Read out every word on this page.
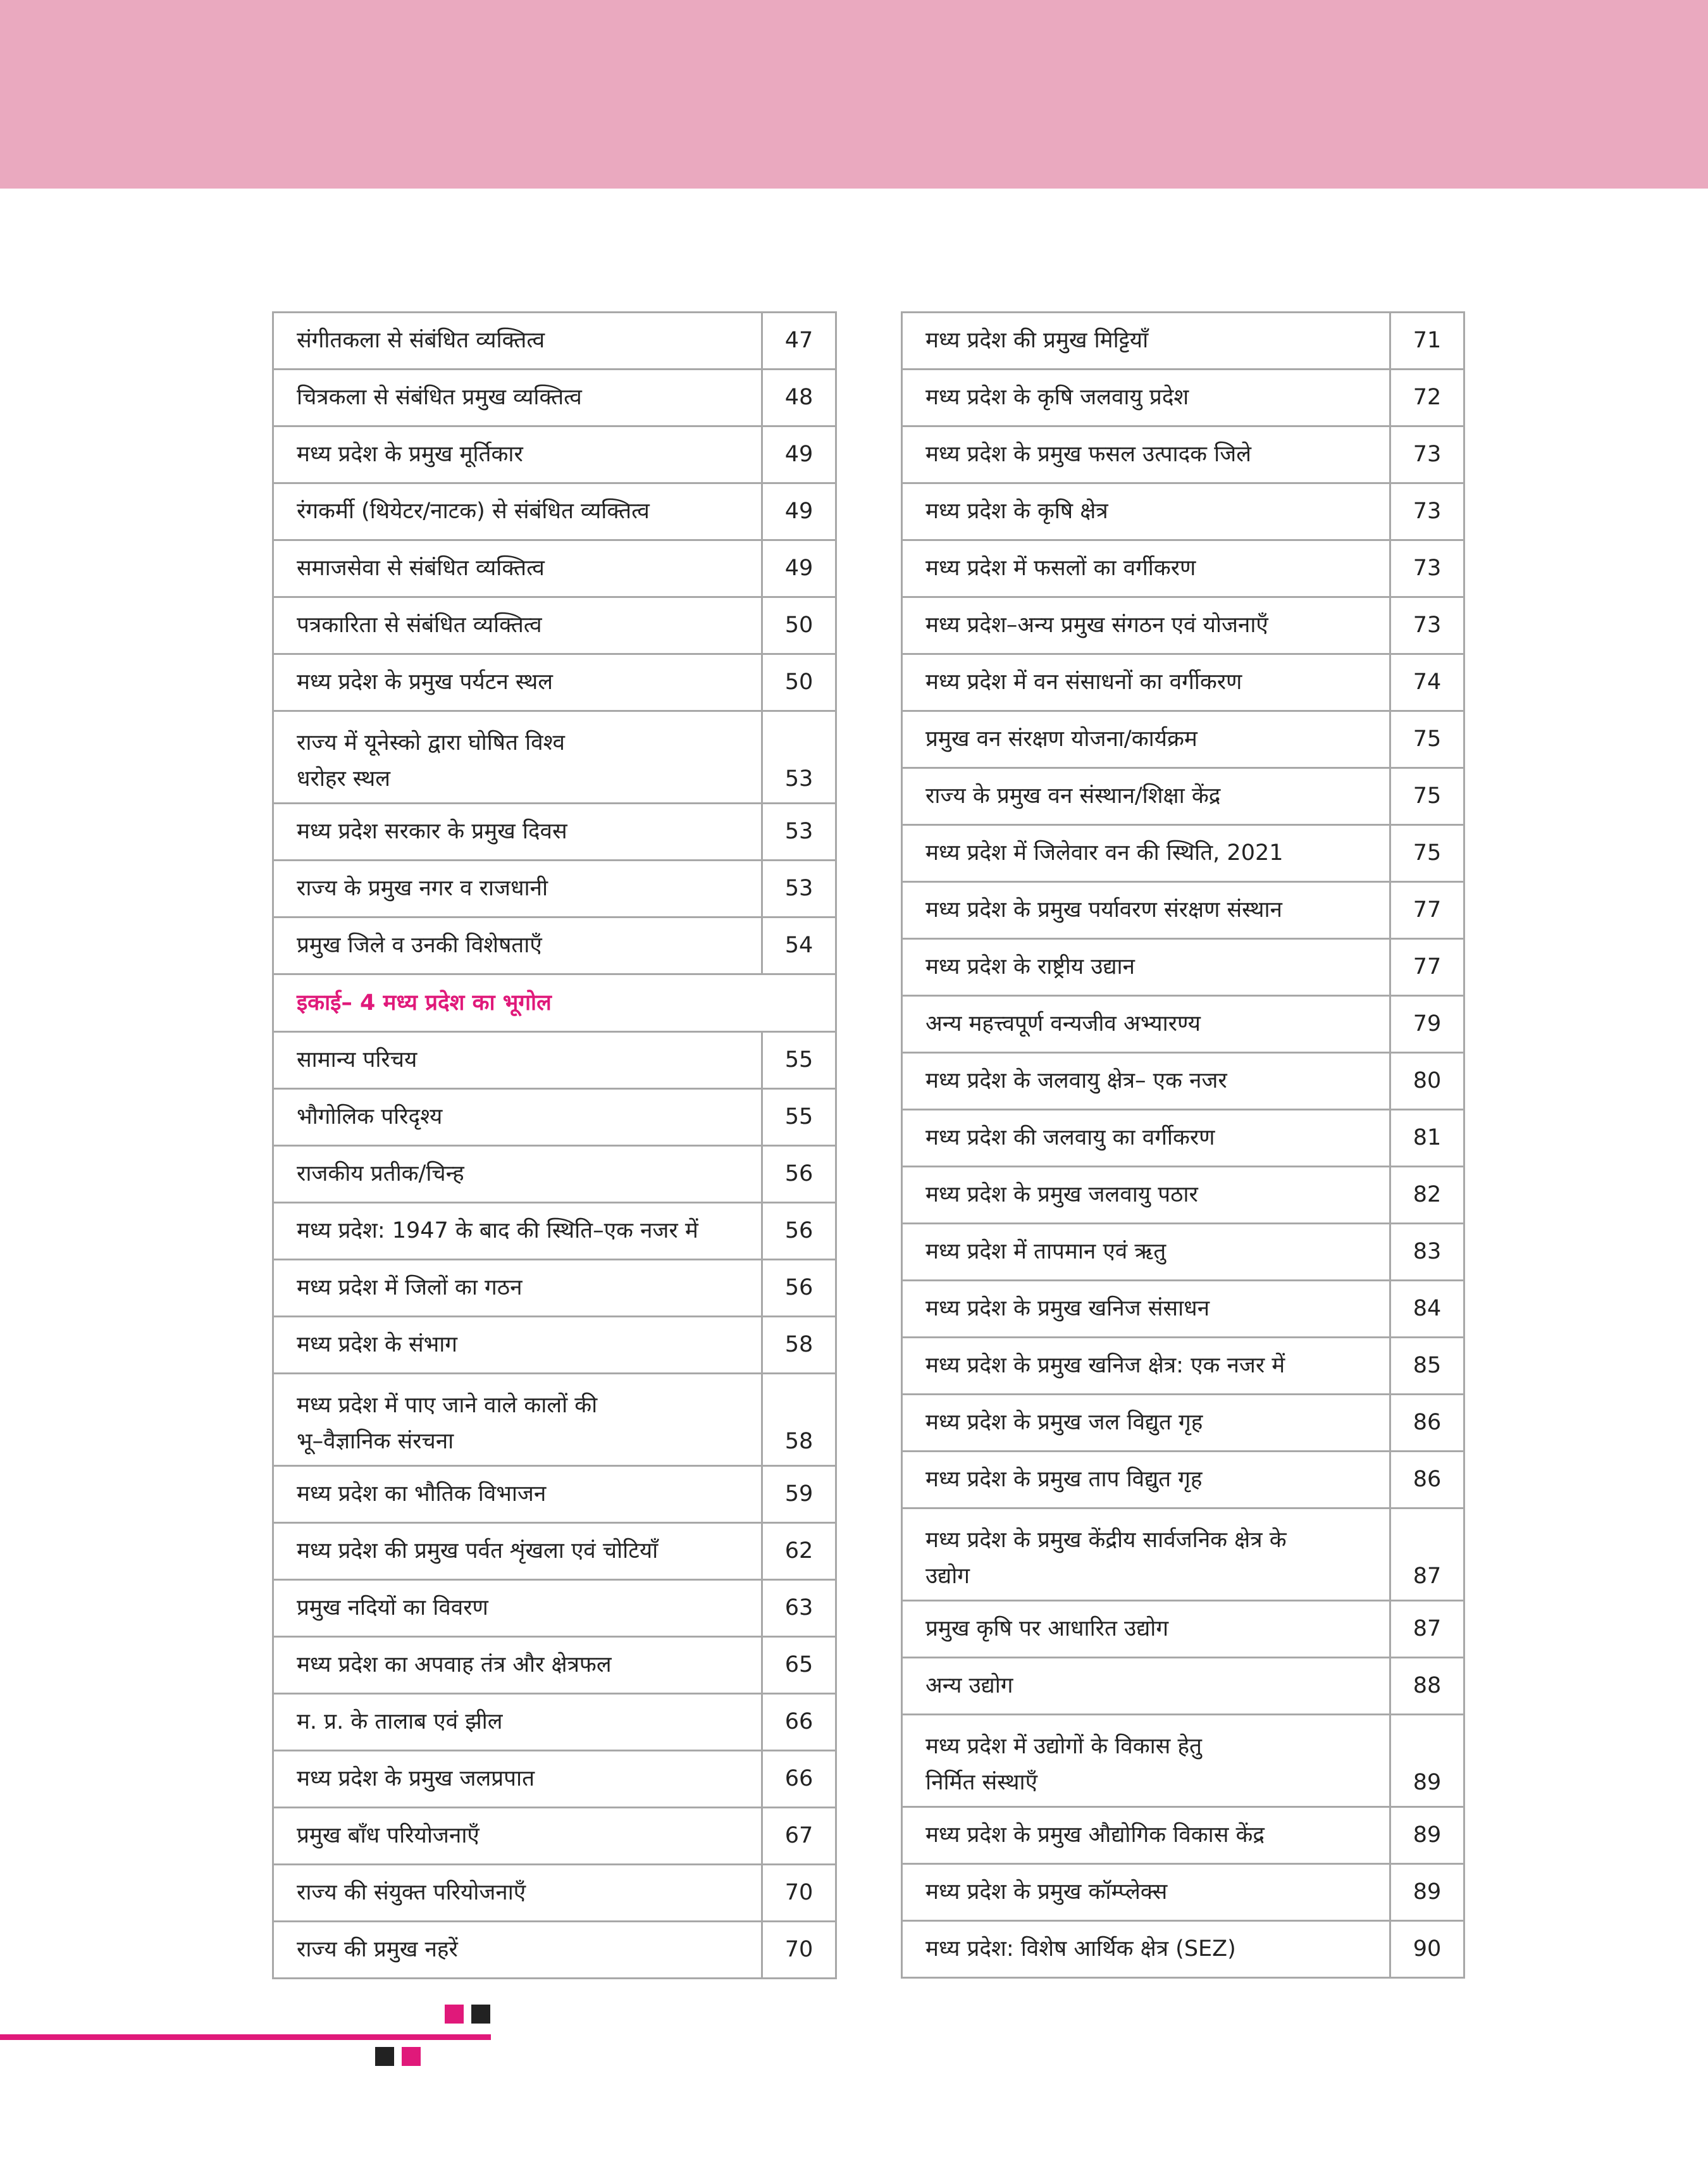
संगीतकला से संबंधित व्यक्तित्व	47
चित्रकला से संबंधित प्रमुख व्यक्तित्व	48
मध्य प्रदेश के प्रमुख मूर्तिकार	49
रंगकर्मी (थियेटर/नाटक) से संबंधित व्यक्तित्व	49
समाजसेवा से संबंधित व्यक्तित्व	49
पत्रकारिता से संबंधित व्यक्तित्व	50
मध्य प्रदेश के प्रमुख पर्यटन स्थल	50
राज्य में यूनेस्को द्वारा घोषित विश्व
धरोहर स्थल	53
मध्य प्रदेश सरकार के प्रमुख दिवस	53
राज्य के प्रमुख नगर व राजधानी	53
प्रमुख जिले व उनकी विशेषताएँ	54
इकाई– 4 मध्य प्रदेश का भूगोल	
सामान्य परिचय	55
भौगोलिक परिदृश्य	55
राजकीय प्रतीक/चिन्ह	56
मध्य प्रदेश: 1947 के बाद की स्थिति–एक नजर में	56
मध्य प्रदेश में जिलों का गठन	56
मध्य प्रदेश के संभाग	58
मध्य प्रदेश में पाए जाने वाले कालों की
भू–वैज्ञानिक संरचना	58
मध्य प्रदेश का भौतिक विभाजन	59
मध्य प्रदेश की प्रमुख पर्वत शृंखला एवं चोटियाँ	62
प्रमुख नदियों का विवरण	63
मध्य प्रदेश का अपवाह तंत्र और क्षेत्रफल	65
म. प्र. के तालाब एवं झील	66
मध्य प्रदेश के प्रमुख जलप्रपात	66
प्रमुख बाँध परियोजनाएँ	67
राज्य की संयुक्त परियोजनाएँ	70
राज्य की प्रमुख नहरें	70
मध्य प्रदेश की प्रमुख मिट्टियाँ	71
मध्य प्रदेश के कृषि जलवायु प्रदेश	72
मध्य प्रदेश के प्रमुख फसल उत्पादक जिले	73
मध्य प्रदेश के कृषि क्षेत्र	73
मध्य प्रदेश में फसलों का वर्गीकरण	73
मध्य प्रदेश–अन्य प्रमुख संगठन एवं योजनाएँ	73
मध्य प्रदेश में वन संसाधनों का वर्गीकरण	74
प्रमुख वन संरक्षण योजना/कार्यक्रम	75
राज्य के प्रमुख वन संस्थान/शिक्षा केंद्र	75
मध्य प्रदेश में जिलेवार वन की स्थिति, 2021	75
मध्य प्रदेश के प्रमुख पर्यावरण संरक्षण संस्थान	77
मध्य प्रदेश के राष्ट्रीय उद्यान	77
अन्य महत्त्वपूर्ण वन्यजीव अभ्यारण्य	79
मध्य प्रदेश के जलवायु क्षेत्र– एक नजर	80
मध्य प्रदेश की जलवायु का वर्गीकरण	81
मध्य प्रदेश के प्रमुख जलवायु पठार	82
मध्य प्रदेश में तापमान एवं ऋतु	83
मध्य प्रदेश के प्रमुख खनिज संसाधन	84
मध्य प्रदेश के प्रमुख खनिज क्षेत्र: एक नजर में	85
मध्य प्रदेश के प्रमुख जल विद्युत गृह	86
मध्य प्रदेश के प्रमुख ताप विद्युत गृह	86
मध्य प्रदेश के प्रमुख केंद्रीय सार्वजनिक क्षेत्र के
उद्योग	87
प्रमुख कृषि पर आधारित उद्योग	87
अन्य उद्योग	88
मध्य प्रदेश में उद्योगों के विकास हेतु
निर्मित संस्थाएँ	89
मध्य प्रदेश के प्रमुख औद्योगिक विकास केंद्र	89
मध्य प्रदेश के प्रमुख कॉम्प्लेक्स	89
मध्य प्रदेश: विशेष आर्थिक क्षेत्र (SEZ)	90
